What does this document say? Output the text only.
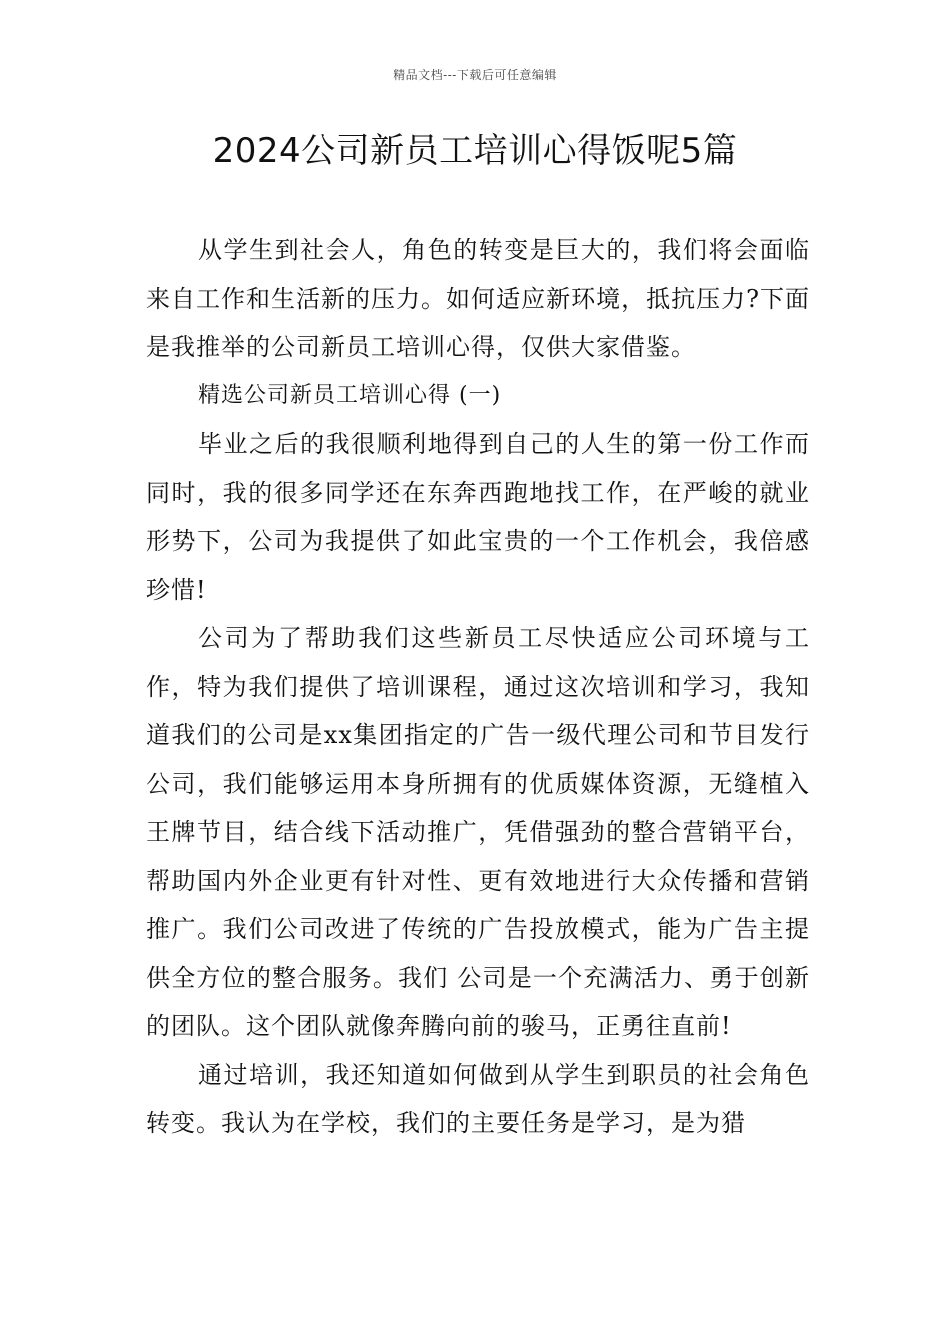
精品文档---下载后可任意编辑
2024公司新员工培训心得饭呢5篇

从学生到社会人，角色的转变是巨大的，我们将会面临来自工作和生活新的压力。如何适应新环境，抵抗压力?下面是我推举的公司新员工培训心得，仅供大家借鉴。

精选公司新员工培训心得 (一)

毕业之后的我很顺利地得到自己的人生的第一份工作而同时，我的很多同学还在东奔西跑地找工作，在严峻的就业形势下，公司为我提供了如此宝贵的一个工作机会，我倍感珍惜!

公司为了帮助我们这些新员工尽快适应公司环境与工作，特为我们提供了培训课程，通过这次培训和学习，我知道我们的公司是xx集团指定的广告一级代理公司和节目发行公司，我们能够运用本身所拥有的优质媒体资源，无缝植入王牌节目，结合线下活动推广，凭借强劲的整合营销平台，帮助国内外企业更有针对性、更有效地进行大众传播和营销推广。我们公司改进了传统的广告投放模式，能为广告主提供全方位的整合服务。我们 公司是一个充满活力、勇于创新的团队。这个团队就像奔腾向前的骏马，正勇往直前!

通过培训，我还知道如何做到从学生到职员的社会角色转变。我认为在学校，我们的主要任务是学习，是为猎
